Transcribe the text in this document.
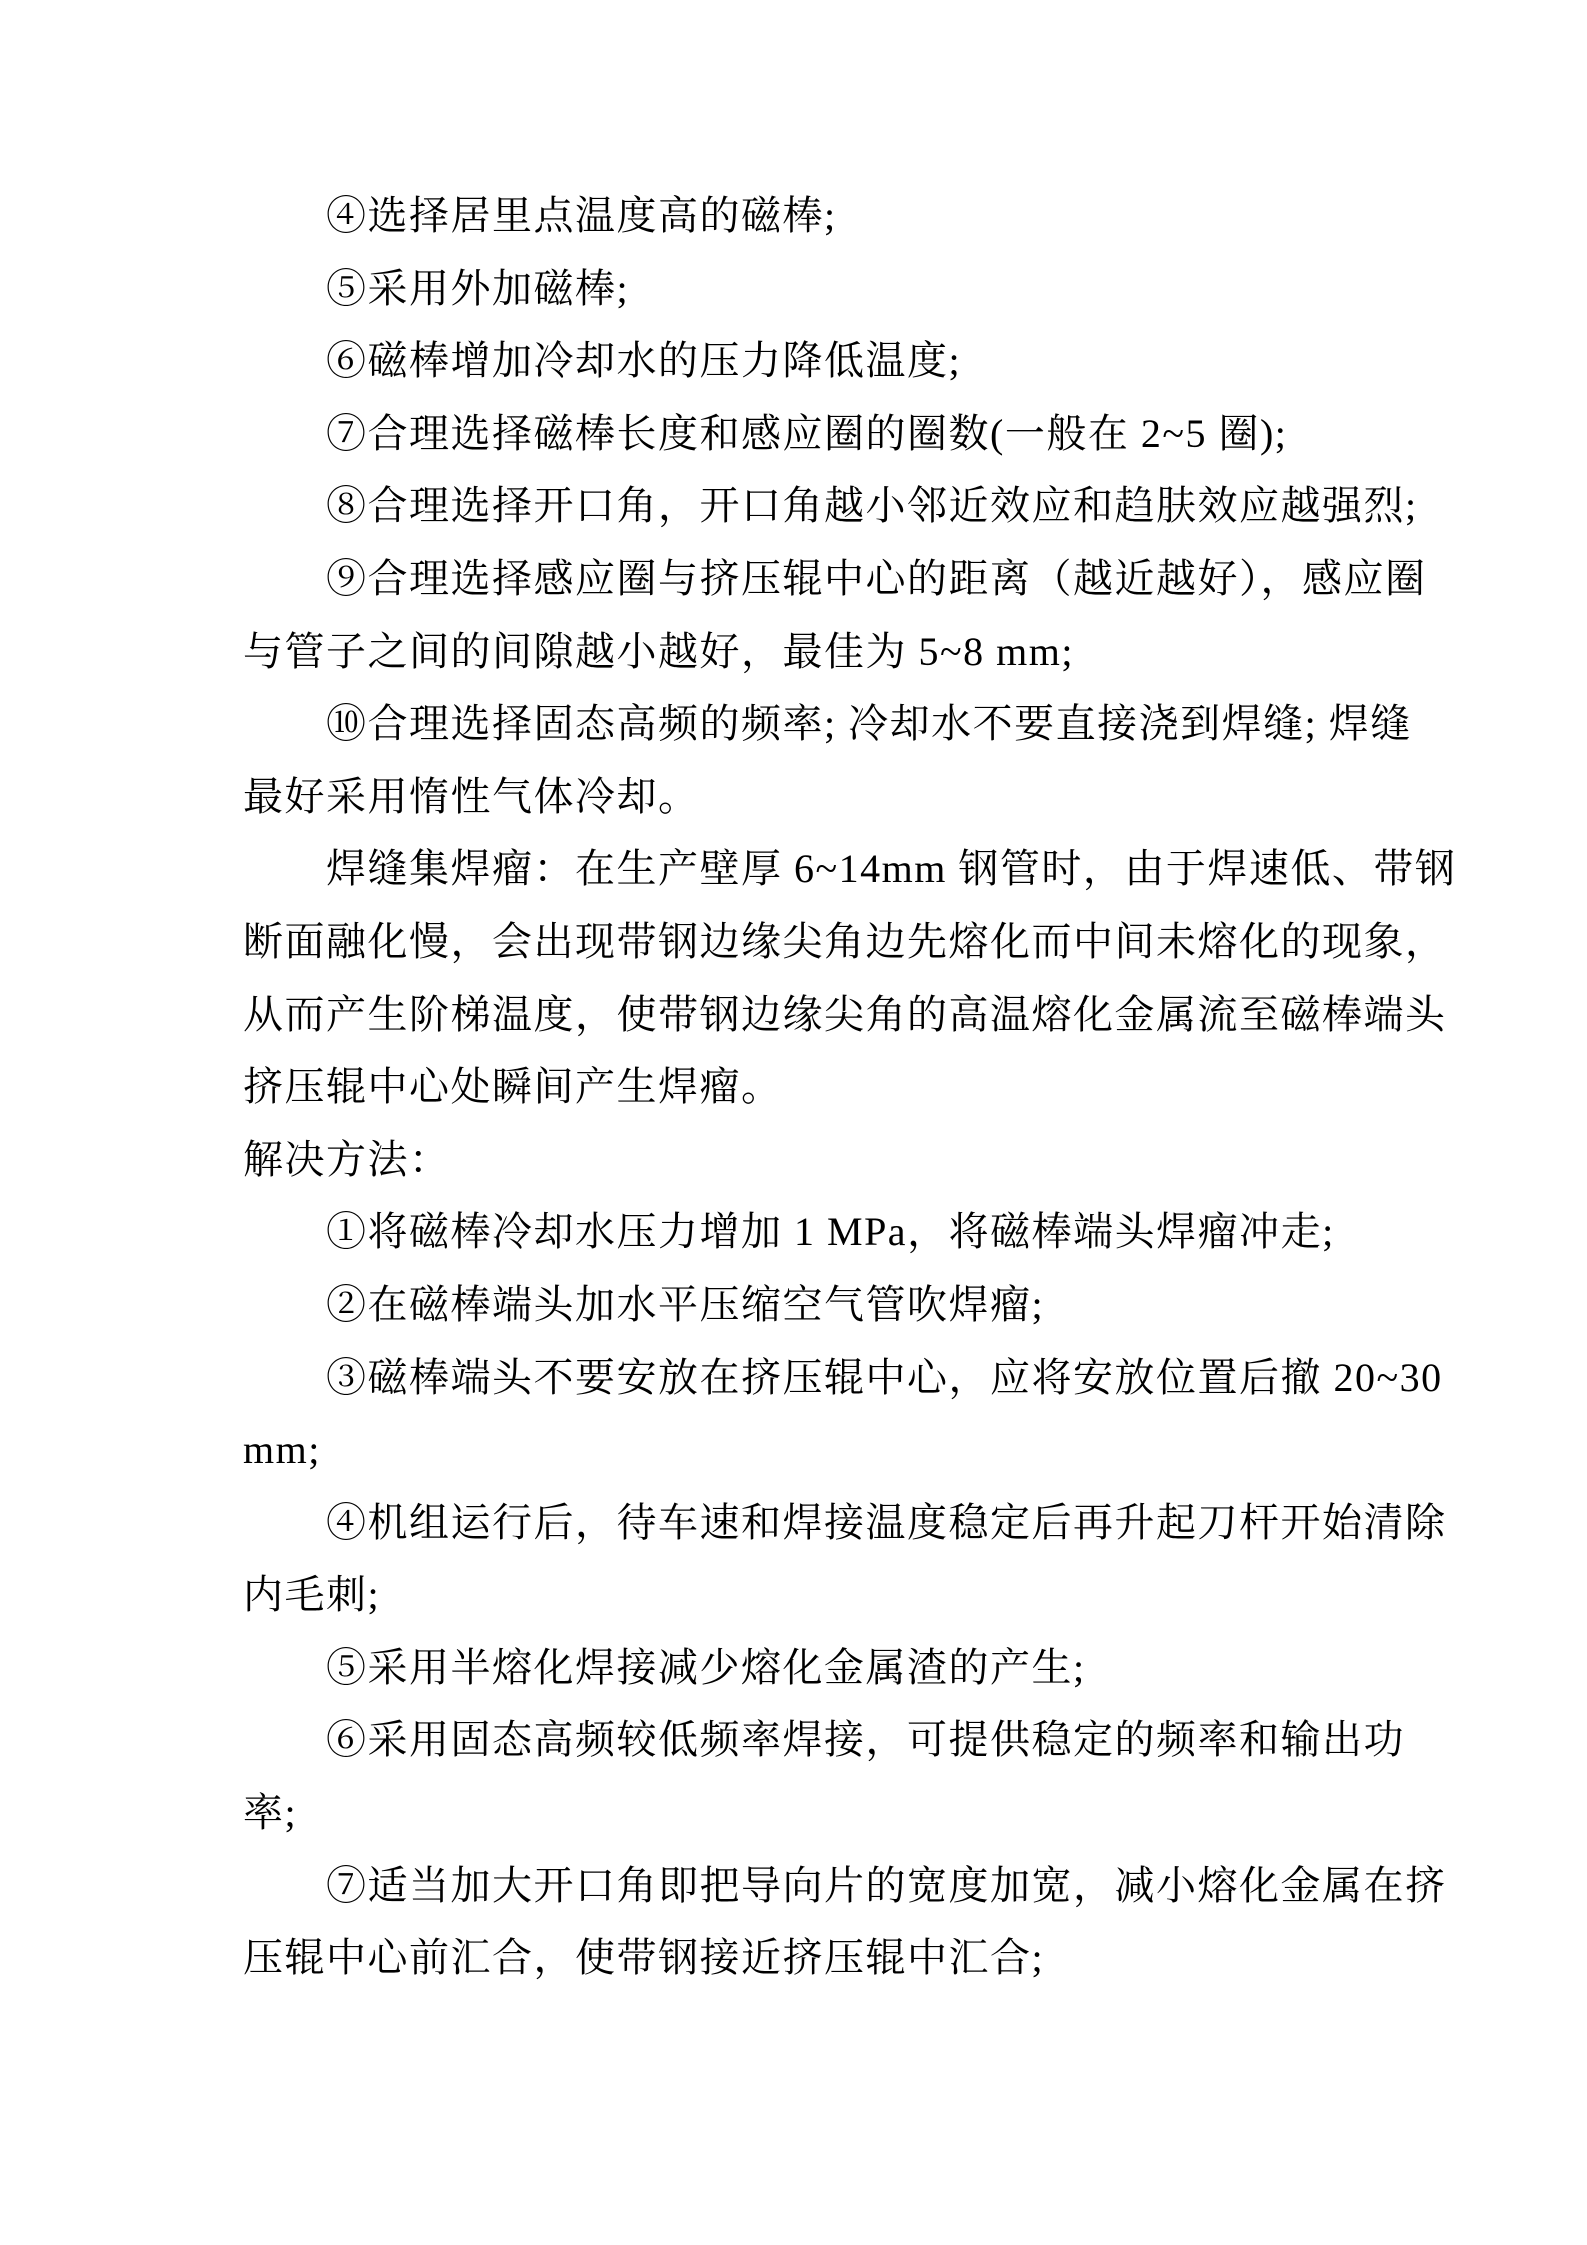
④选择居里点温度高的磁棒;
⑤采用外加磁棒;
⑥磁棒增加冷却水的压力降低温度;
⑦合理选择磁棒长度和感应圈的圈数(一般在 2~5 圈);
⑧合理选择开口角，开口角越小邻近效应和趋肤效应越强烈;
⑨合理选择感应圈与挤压辊中心的距离（越近越好），感应圈
与管子之间的间隙越小越好，最佳为 5~8 mm;
⑩合理选择固态高频的频率; 冷却水不要直接浇到焊缝; 焊缝
最好采用惰性气体冷却。
焊缝集焊瘤：在生产壁厚 6~14mm 钢管时，由于焊速低、带钢
断面融化慢，会出现带钢边缘尖角边先熔化而中间未熔化的现象，
从而产生阶梯温度，使带钢边缘尖角的高温熔化金属流至磁棒端头
挤压辊中心处瞬间产生焊瘤。
解决方法：
①将磁棒冷却水压力增加 1 MPa，将磁棒端头焊瘤冲走;
②在磁棒端头加水平压缩空气管吹焊瘤;
③磁棒端头不要安放在挤压辊中心，应将安放位置后撤 20~30
mm;
④机组运行后，待车速和焊接温度稳定后再升起刀杆开始清除
内毛刺;
⑤采用半熔化焊接减少熔化金属渣的产生;
⑥采用固态高频较低频率焊接，可提供稳定的频率和输出功
率;
⑦适当加大开口角即把导向片的宽度加宽，减小熔化金属在挤
压辊中心前汇合，使带钢接近挤压辊中汇合;
